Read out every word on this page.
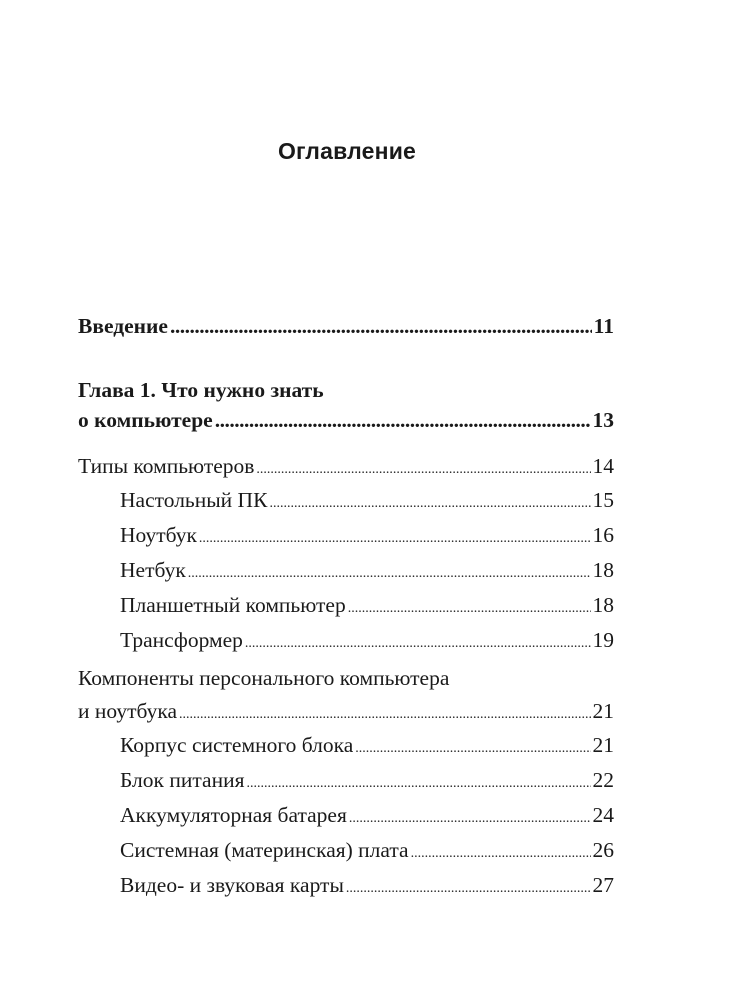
Оглавление
Введение .....	11
Глава 1. Что нужно знать
о компьютере .....	13
Типы компьютеров .....	14
Настольный ПК .....	15
Ноутбук .....	16
Нетбук .....	18
Планшетный компьютер .....	18
Трансформер .....	19
Компоненты персонального компьютера
и ноутбука .....	21
Корпус системного блока .....	21
Блок питания .....	22
Аккумуляторная батарея .....	24
Системная (материнская) плата .....	26
Видео- и звуковая карты .....	27
